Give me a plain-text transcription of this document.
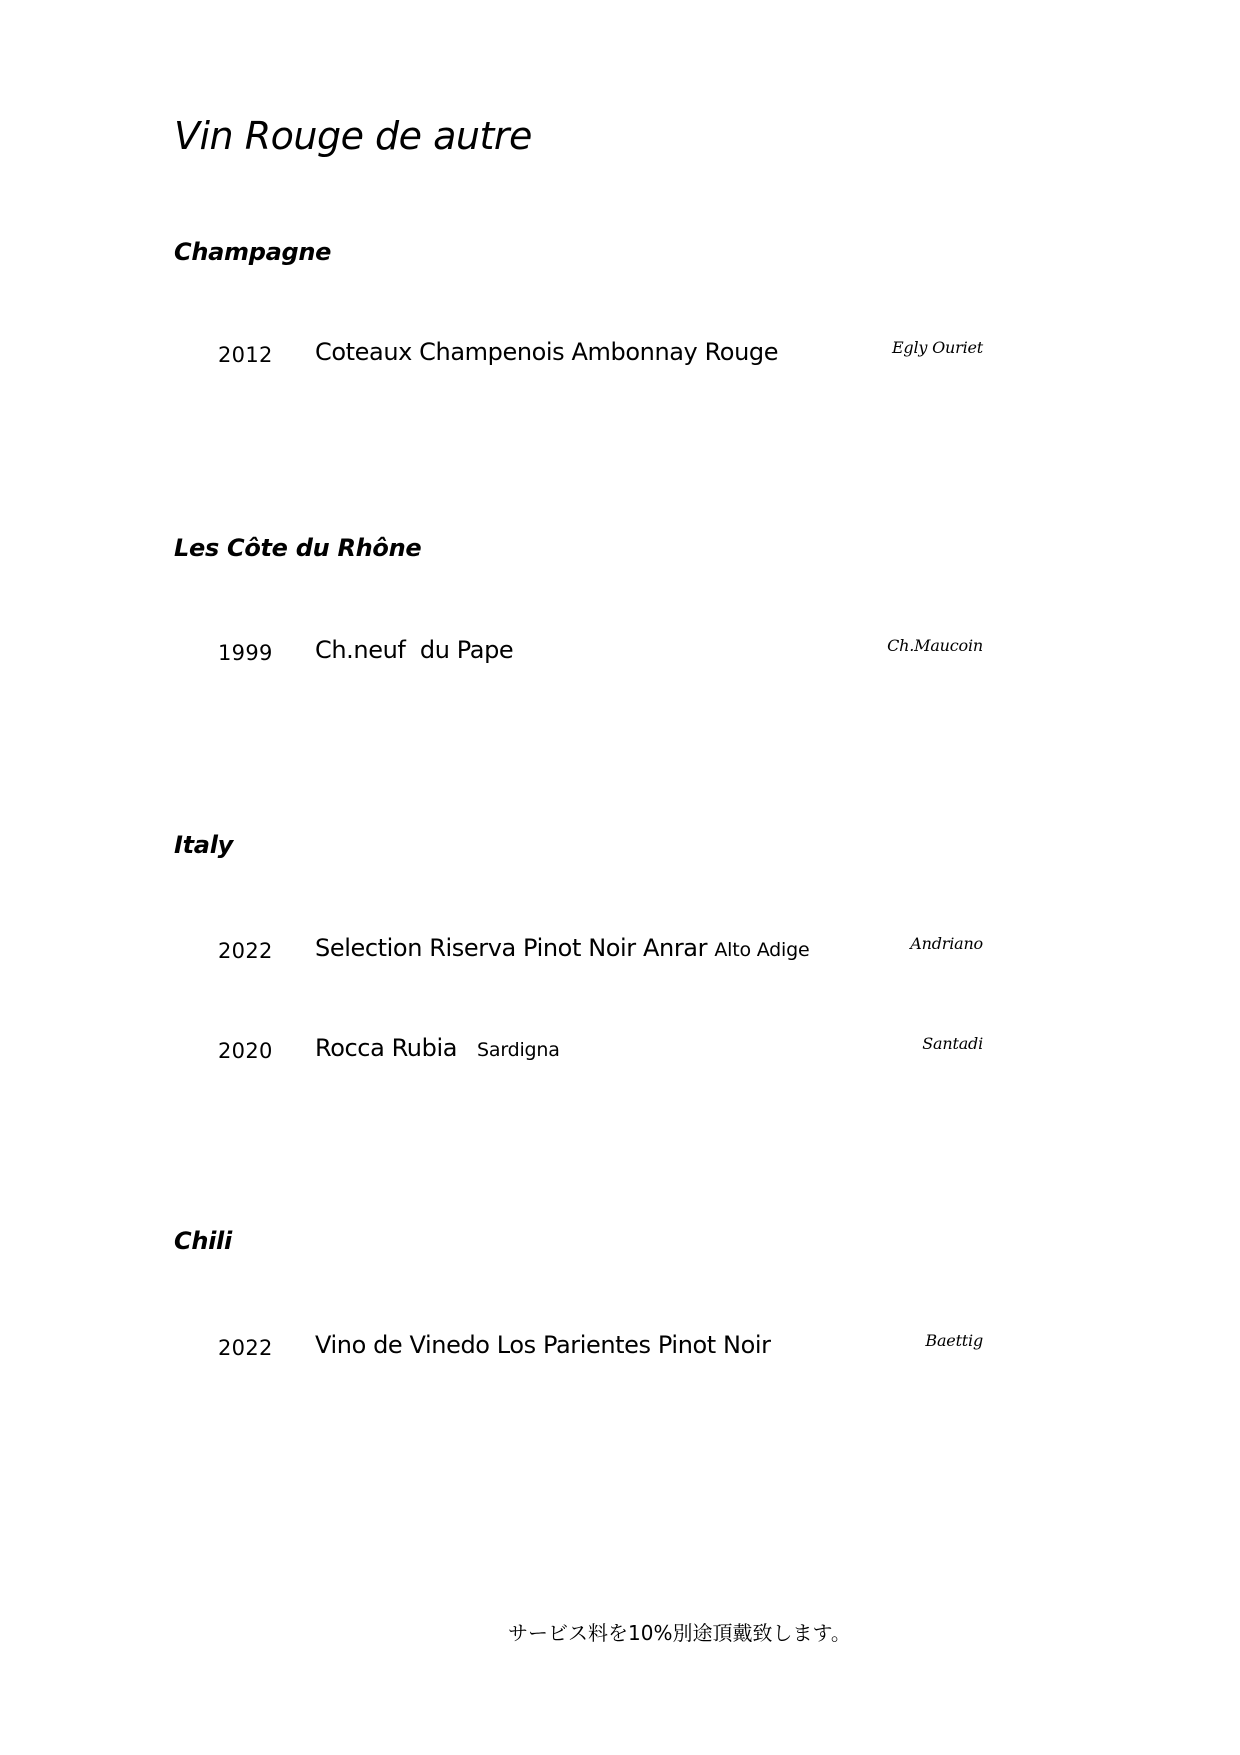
Vin Rouge de autre
Champagne
2012 Coteaux Champenois Ambonnay Rouge	Egly Ouriet
Les Côte du Rhône
1999 Ch.neuf  du Pape	Ch.Maucoin
Italy
2022 Selection Riserva Pinot Noir Anrar Alto Adige	Andriano
2020 Rocca Rubia Sardigna	Santadi
Chili
2022 Vino de Vinedo Los Parientes Pinot Noir	Baettig
サービス料を10%別途頂戴致します。
